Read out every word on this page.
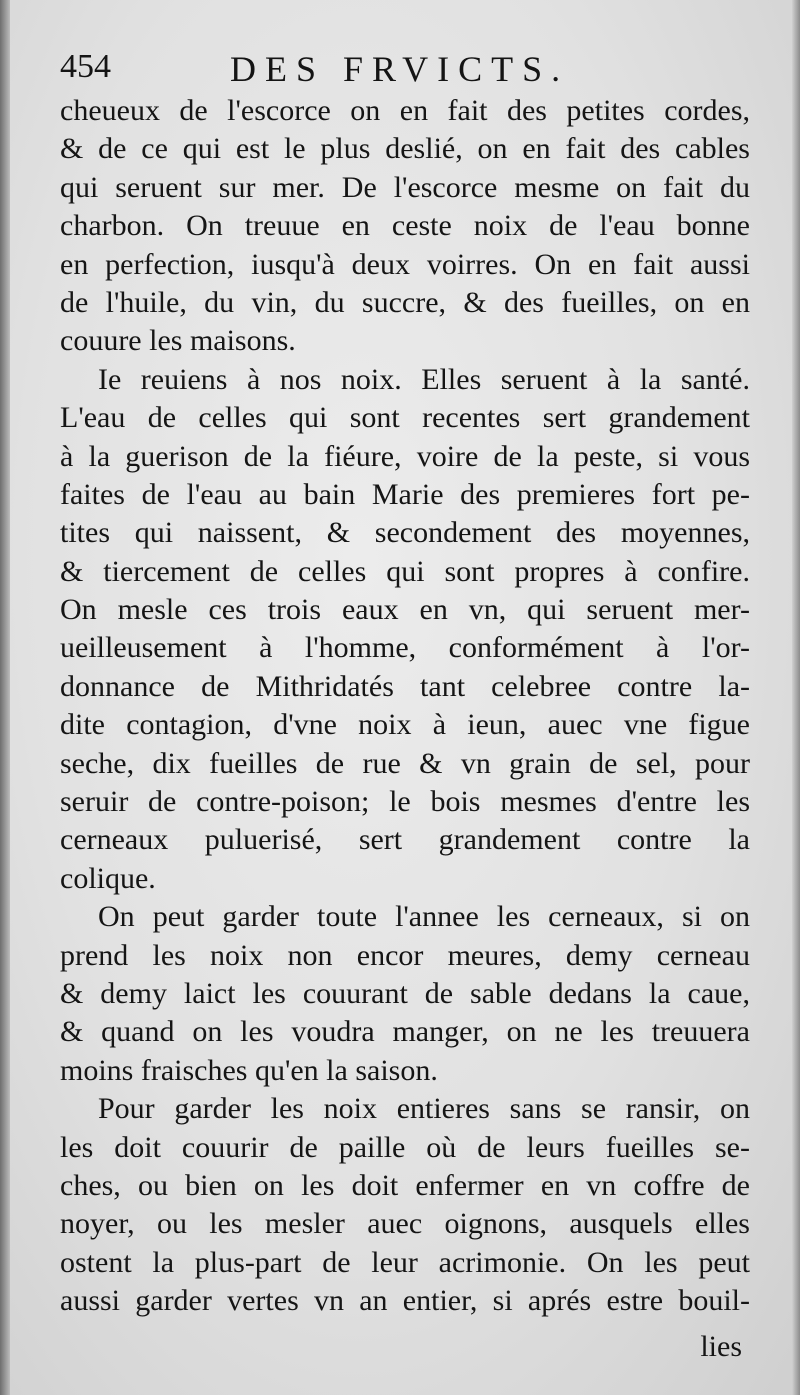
454	DES FRVICTS.
cheueux de l'escorce on en fait des petites cordes,
& de ce qui est le plus deslié, on en fait des cables
qui seruent sur mer. De l'escorce mesme on fait du
charbon. On treuue en ceste noix de l'eau bonne
en perfection, iusqu'à deux voirres. On en fait aussi
de l'huile, du vin, du succre, & des fueilles, on en
couure les maisons.
Ie reuiens à nos noix. Elles seruent à la santé.
L'eau de celles qui sont recentes sert grandement
à la guerison de la fiéure, voire de la peste, si vous
faites de l'eau au bain Marie des premieres fort pe-
tites qui naissent, & secondement des moyennes,
& tiercement de celles qui sont propres à confire.
On mesle ces trois eaux en vn, qui seruent mer-
ueilleusement à l'homme, conformément à l'or-
donnance de Mithridatés tant celebree contre la-
dite contagion, d'vne noix à ieun, auec vne figue
seche, dix fueilles de rue & vn grain de sel, pour
seruir de contre-poison; le bois mesmes d'entre les
cerneaux puluerisé, sert grandement contre la
colique.
On peut garder toute l'annee les cerneaux, si on
prend les noix non encor meures, demy cerneau
& demy laict les couurant de sable dedans la caue,
& quand on les voudra manger, on ne les treuuera
moins fraisches qu'en la saison.
Pour garder les noix entieres sans se ransir, on
les doit couurir de paille où de leurs fueilles se-
ches, ou bien on les doit enfermer en vn coffre de
noyer, ou les mesler auec oignons, ausquels elles
ostent la plus-part de leur acrimonie. On les peut
aussi garder vertes vn an entier, si aprés estre bouil-
lies
